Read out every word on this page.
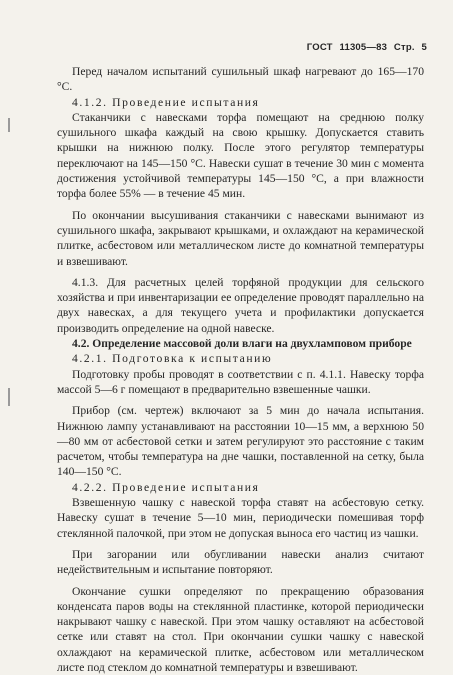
ГОСТ 11305—83 Стр. 5

Перед началом испытаний сушильный шкаф нагревают до 165—170 °С.

4.1.2. Проведение испытания

Стаканчики с навесками торфа помещают на среднюю полку сушильного шкафа каждый на свою крышку. Допускается ставить крышки на нижнюю полку. После этого регулятор температуры переключают на 145—150 °С. Навески сушат в течение 30 мин с момента достижения устойчивой температуры 145—150 °С, а при влажности торфа более 55% — в течение 45 мин.

По окончании высушивания стаканчики с навесками вынимают из сушильного шкафа, закрывают крышками, и охлаждают на керамической плитке, асбестовом или металлическом листе до комнатной температуры и взвешивают.

4.1.3. Для расчетных целей торфяной продукции для сельского хозяйства и при инвентаризации ее определение проводят параллельно на двух навесках, а для текущего учета и профилактики допускается производить определение на одной навеске.

4.2. Определение массовой доли влаги на двухламповом приборе

4.2.1. Подготовка к испытанию

Подготовку пробы проводят в соответствии с п. 4.1.1. Навеску торфа массой 5—6 г помещают в предварительно взвешенные чашки.

Прибор (см. чертеж) включают за 5 мин до начала испытания. Нижнюю лампу устанавливают на расстоянии 10—15 мм, а верхнюю 50—80 мм от асбестовой сетки и затем регулируют это расстояние с таким расчетом, чтобы температура на дне чашки, поставленной на сетку, была 140—150 °С.

4.2.2. Проведение испытания

Взвешенную чашку с навеской торфа ставят на асбестовую сетку. Навеску сушат в течение 5—10 мин, периодически помешивая торф стеклянной палочкой, при этом не допуская выноса его частиц из чашки.

При загорании или обугливании навески анализ считают недействительным и испытание повторяют.

Окончание сушки определяют по прекращению образования конденсата паров воды на стеклянной пластинке, которой периодически накрывают чашку с навеской. При этом чашку оставляют на асбестовой сетке или ставят на стол. При окончании сушки чашку с навеской охлаждают на керамической плитке, асбестовом или металлическом листе под стеклом до комнатной температуры и взвешивают.
